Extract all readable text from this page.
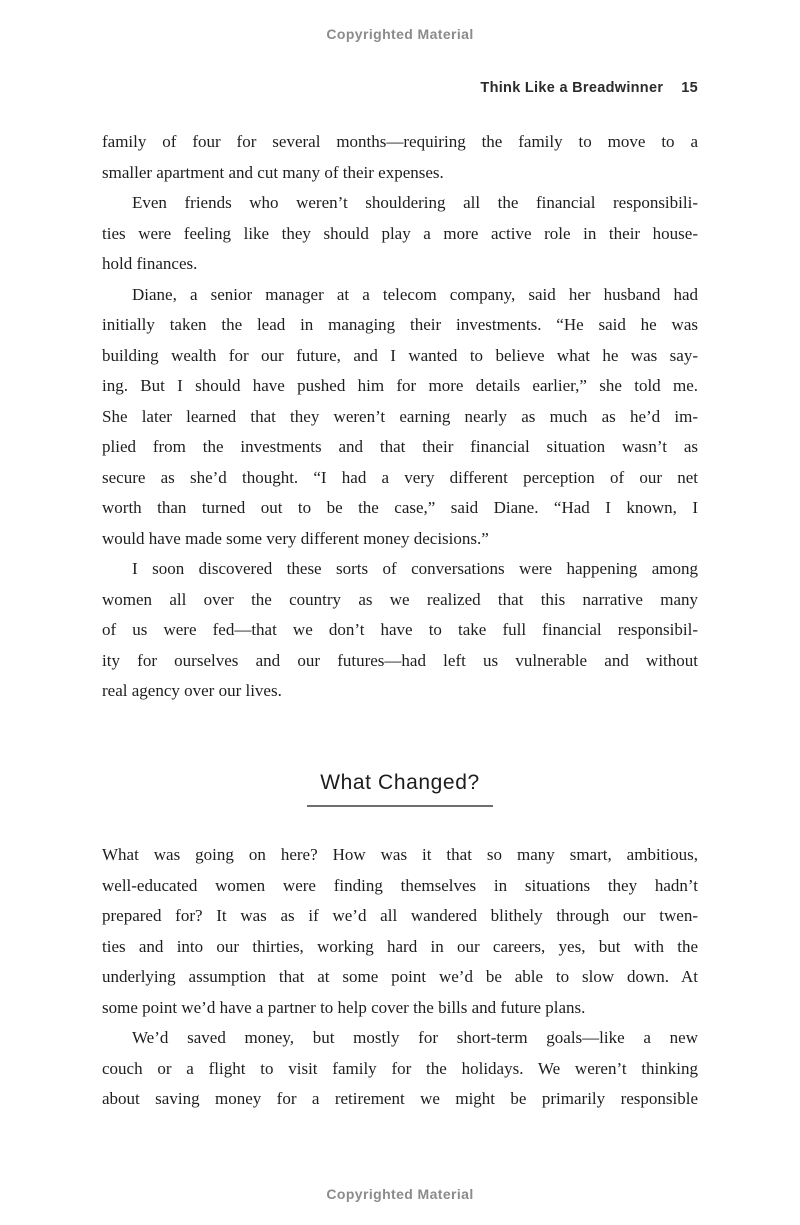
Copyrighted Material
Think Like a Breadwinner 15
family of four for several months—requiring the family to move to a
smaller apartment and cut many of their expenses.
Even friends who weren’t shouldering all the financial responsibili-
ties were feeling like they should play a more active role in their house-
hold finances.
Diane, a senior manager at a telecom company, said her husband had
initially taken the lead in managing their investments. “He said he was
building wealth for our future, and I wanted to believe what he was say-
ing. But I should have pushed him for more details earlier,” she told me.
She later learned that they weren’t earning nearly as much as he’d im-
plied from the investments and that their financial situation wasn’t as
secure as she’d thought. “I had a very different perception of our net
worth than turned out to be the case,” said Diane. “Had I known, I
would have made some very different money decisions.”
I soon discovered these sorts of conversations were happening among
women all over the country as we realized that this narrative many
of us were fed—that we don’t have to take full financial responsibil-
ity for ourselves and our futures—had left us vulnerable and without
real agency over our lives.
What Changed?
What was going on here? How was it that so many smart, ambitious,
well-educated women were finding themselves in situations they hadn’t
prepared for? It was as if we’d all wandered blithely through our twen-
ties and into our thirties, working hard in our careers, yes, but with the
underlying assumption that at some point we’d be able to slow down. At
some point we’d have a partner to help cover the bills and future plans.
We’d saved money, but mostly for short-term goals—like a new
couch or a flight to visit family for the holidays. We weren’t thinking
about saving money for a retirement we might be primarily responsible
Copyrighted Material
